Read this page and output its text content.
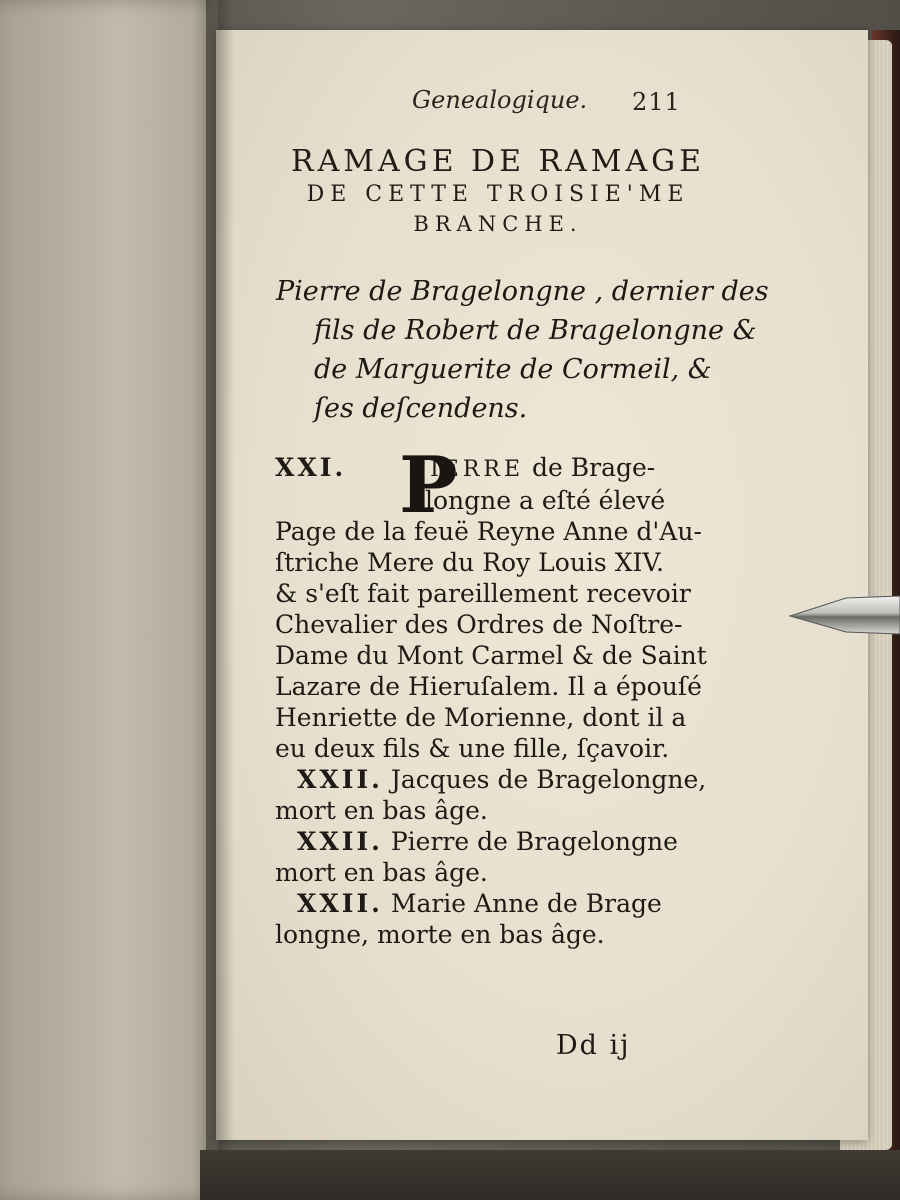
Genealogique. 211
RAMAGE DE RAMAGE
DE CETTE TROISIE'ME
BRANCHE.
Pierre de Bragelongne , dernier des
fils de Robert de Bragelongne &
de Marguerite de Cormeil, &
ſes deſcendens.
P
XXI.	IERRE de Brage-
longne a eſté élevé
Page de la feuë Reyne Anne d'Au-
ſtriche Mere du Roy Louis XIV.
& s'eſt fait pareillement recevoir
Chevalier des Ordres de Noſtre-
Dame du Mont Carmel & de Saint
Lazare de Hieruſalem. Il a épouſé
Henriette de Morienne, dont il a
eu deux fils & une fille, ſçavoir.
XXII. Jacques de Bragelongne,
mort en bas âge.
XXII. Pierre de Bragelongne
mort en bas âge.
XXII. Marie Anne de Brage
longne, morte en bas âge.
Dd ij
